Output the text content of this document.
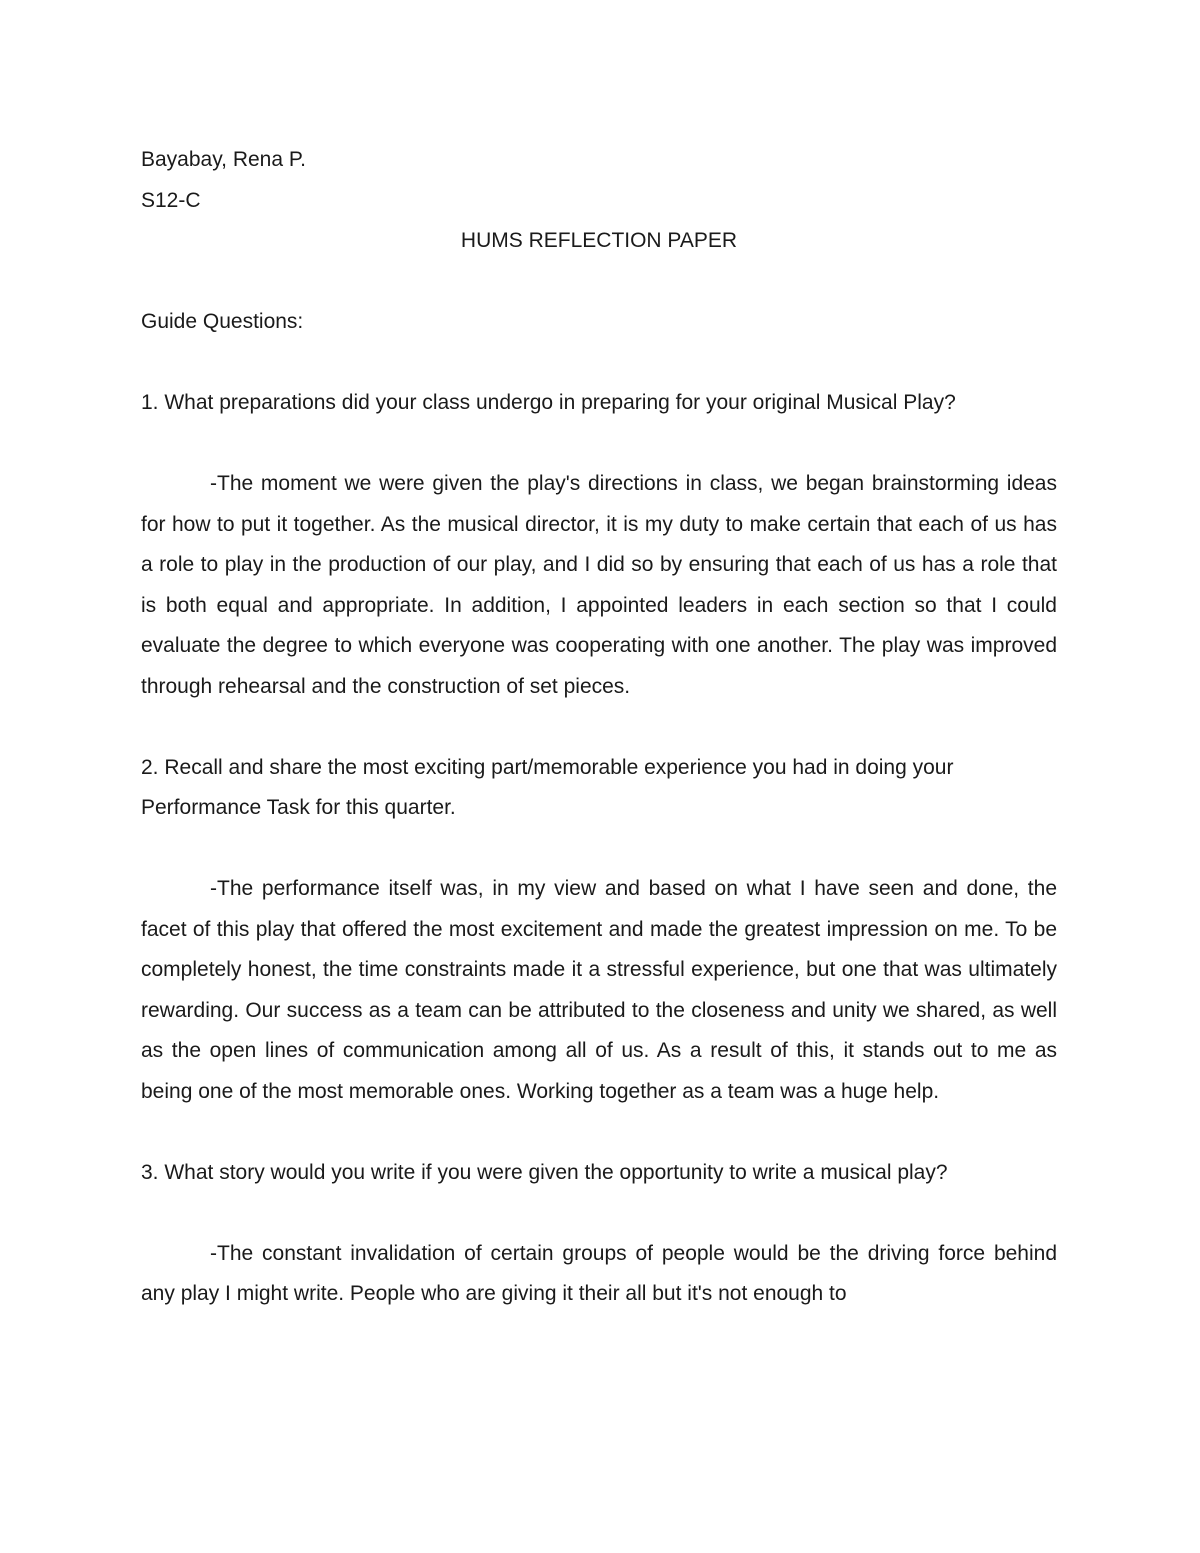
Bayabay, Rena P.

S12-C

HUMS REFLECTION PAPER

Guide Questions:

1. What preparations did your class undergo in preparing for your original Musical Play?

-The moment we were given the play's directions in class, we began brainstorming ideas for how to put it together. As the musical director, it is my duty to make certain that each of us has a role to play in the production of our play, and I did so by ensuring that each of us has a role that is both equal and appropriate. In addition, I appointed leaders in each section so that I could evaluate the degree to which everyone was cooperating with one another. The play was improved through rehearsal and the construction of set pieces.

2. Recall and share the most exciting part/memorable experience you had in doing your Performance Task for this quarter.

-The performance itself was, in my view and based on what I have seen and done, the facet of this play that offered the most excitement and made the greatest impression on me. To be completely honest, the time constraints made it a stressful experience, but one that was ultimately rewarding. Our success as a team can be attributed to the closeness and unity we shared, as well as the open lines of communication among all of us. As a result of this, it stands out to me as being one of the most memorable ones. Working together as a team was a huge help.

3. What story would you write if you were given the opportunity to write a musical play?

-The constant invalidation of certain groups of people would be the driving force behind any play I might write. People who are giving it their all but it's not enough to
